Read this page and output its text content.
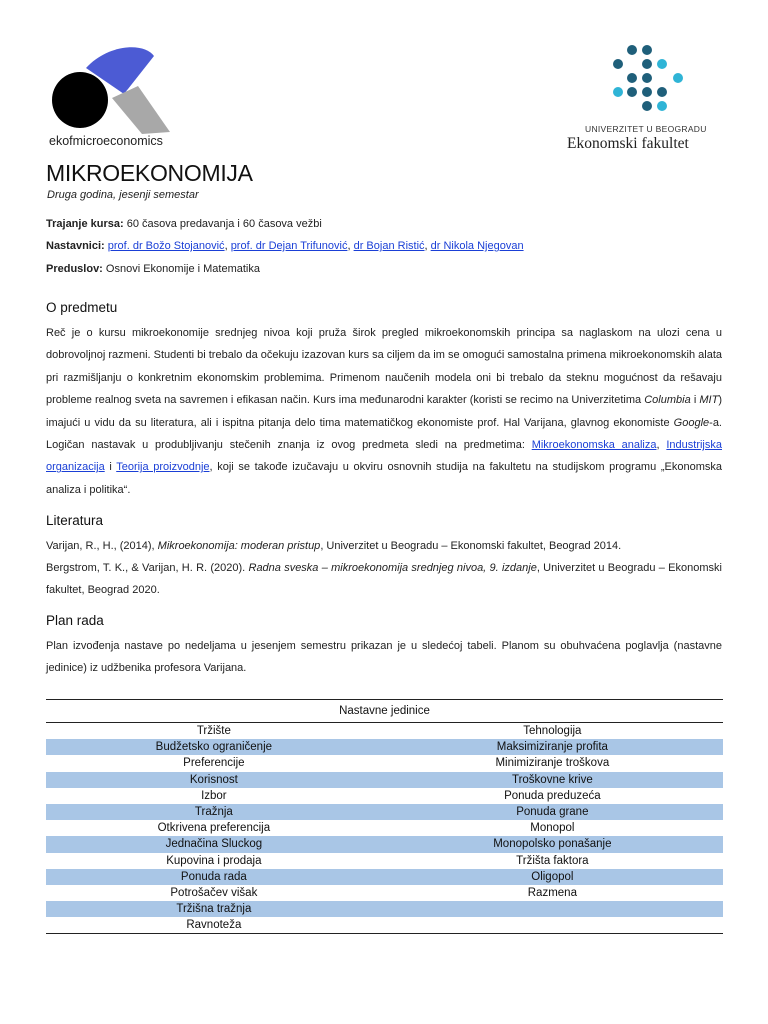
ekofmicroeconomics
UNIVERZITET U BEOGRADU
Ekonomski fakultet
MIKROEKONOMIJA
Druga godina, jesenji semestar
Trajanje kursa: 60 časova predavanja i 60 časova vežbi
Nastavnici: prof. dr Božo Stojanović, prof. dr Dejan Trifunović, dr Bojan Ristić, dr Nikola Njegovan
Preduslov: Osnovi Ekonomije i Matematika
O predmetu
Reč je o kursu mikroekonomije srednjeg nivoa koji pruža širok pregled mikroekonomskih principa sa naglaskom na ulozi cena u dobrovoljnoj razmeni. Studenti bi trebalo da očekuju izazovan kurs sa ciljem da im se omogući samostalna primena mikroekonomskih alata pri razmišljanju o konkretnim ekonomskim problemima. Primenom naučenih modela oni bi trebalo da steknu mogućnost da rešavaju probleme realnog sveta na savremen i efikasan način. Kurs ima međunarodni karakter (koristi se recimo na Univerzitetima Columbia i MIT) imajući u vidu da su literatura, ali i ispitna pitanja delo tima matematičkog ekonomiste prof. Hal Varijana, glavnog ekonomiste Google-a. Logičan nastavak u produbljivanju stečenih znanja iz ovog predmeta sledi na predmetima: Mikroekonomska analiza, Industrijska organizacija i Teorija proizvodnje, koji se takođe izučavaju u okviru osnovnih studija na fakultetu na studijskom programu „Ekonomska analiza i politika“.
Literatura
Varijan, R., H., (2014), Mikroekonomija: moderan pristup, Univerzitet u Beogradu – Ekonomski fakultet, Beograd 2014.
Bergstrom, T. K., & Varijan, H. R. (2020). Radna sveska – mikroekonomija srednjeg nivoa, 9. izdanje, Univerzitet u Beogradu – Ekonomski fakultet, Beograd 2020.
Plan rada
Plan izvođenja nastave po nedeljama u jesenjem semestru prikazan je u sledećoj tabeli. Planom su obuhvaćena poglavlja (nastavne jedinice) iz udžbenika profesora Varijana.
Nastavne jedinice	
Tržište	Tehnologija
Budžetsko ograničenje	Maksimiziranje profita
Preferencije	Minimiziranje troškova
Korisnost	Troškovne krive
Izbor	Ponuda preduzeća
Tražnja	Ponuda grane
Otkrivena preferencija	Monopol
Jednačina Sluckog	Monopolsko ponašanje
Kupovina i prodaja	Tržišta faktora
Ponuda rada	Oligopol
Potrošačev višak	Razmena
Tržišna tražnja	
Ravnoteža	
